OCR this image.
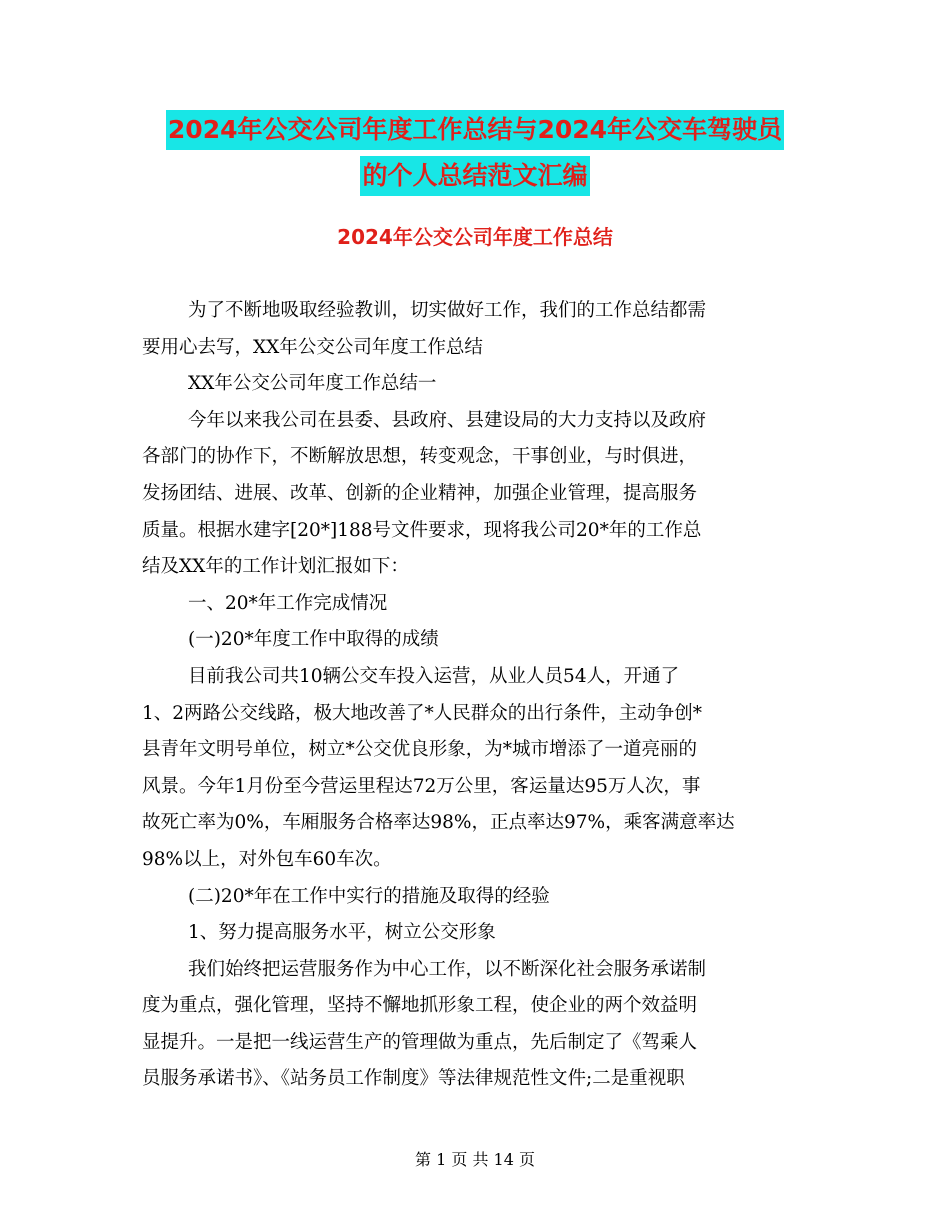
2024年公交公司年度工作总结与2024年公交车驾驶员
的个人总结范文汇编
2024年公交公司年度工作总结
为了不断地吸取经验教训，切实做好工作，我们的工作总结都需
要用心去写，XX年公交公司年度工作总结
XX年公交公司年度工作总结一
今年以来我公司在县委、县政府、县建设局的大力支持以及政府
各部门的协作下，不断解放思想，转变观念，干事创业，与时俱进，
发扬团结、进展、改革、创新的企业精神，加强企业管理，提高服务
质量。根据水建字[20*]188号文件要求，现将我公司20*年的工作总
结及XX年的工作计划汇报如下：
一、20*年工作完成情况
(一)20*年度工作中取得的成绩
目前我公司共10辆公交车投入运营，从业人员54人，开通了
1、2两路公交线路，极大地改善了*人民群众的出行条件，主动争创*
县青年文明号单位，树立*公交优良形象，为*城市增添了一道亮丽的
风景。今年1月份至今营运里程达72万公里，客运量达95万人次，事
故死亡率为0%，车厢服务合格率达98%，正点率达97%，乘客满意率达
98%以上，对外包车60车次。
(二)20*年在工作中实行的措施及取得的经验
1、努力提高服务水平，树立公交形象
我们始终把运营服务作为中心工作，以不断深化社会服务承诺制
度为重点，强化管理，坚持不懈地抓形象工程，使企业的两个效益明
显提升。一是把一线运营生产的管理做为重点，先后制定了《驾乘人
员服务承诺书》、《站务员工作制度》等法律规范性文件;二是重视职
第 1 页 共 14 页
